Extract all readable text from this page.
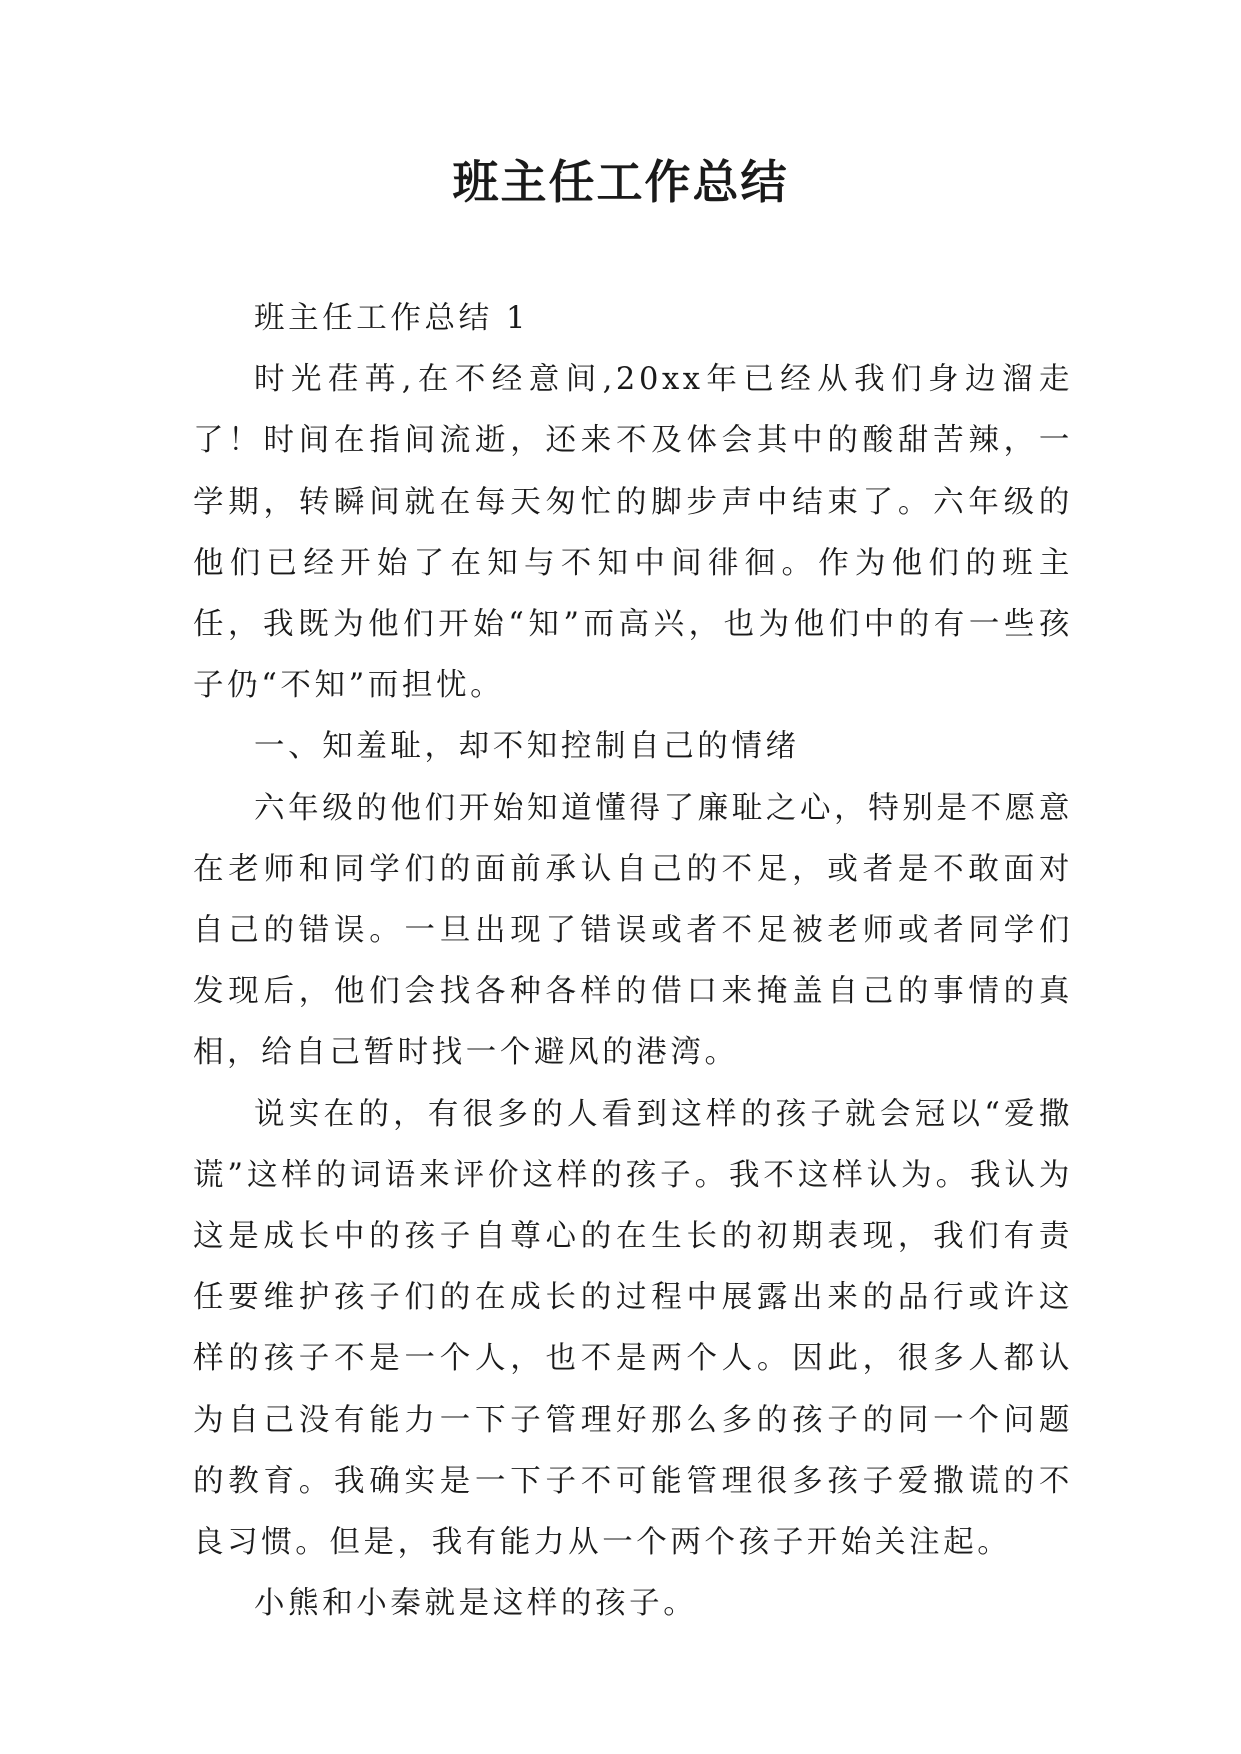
班主任工作总结

班主任工作总结 1

时光荏苒,在不经意间,20xx年已经从我们身边溜走了！时间在指间流逝，还来不及体会其中的酸甜苦辣，一学期，转瞬间就在每天匆忙的脚步声中结束了。六年级的他们已经开始了在知与不知中间徘徊。作为他们的班主任，我既为他们开始“知”而高兴，也为他们中的有一些孩子仍“不知”而担忧。

一、知羞耻，却不知控制自己的情绪

六年级的他们开始知道懂得了廉耻之心，特别是不愿意在老师和同学们的面前承认自己的不足，或者是不敢面对自己的错误。一旦出现了错误或者不足被老师或者同学们发现后，他们会找各种各样的借口来掩盖自己的事情的真相，给自己暂时找一个避风的港湾。

说实在的，有很多的人看到这样的孩子就会冠以“爱撒谎”这样的词语来评价这样的孩子。我不这样认为。我认为这是成长中的孩子自尊心的在生长的初期表现，我们有责任要维护孩子们的在成长的过程中展露出来的品行或许这样的孩子不是一个人，也不是两个人。因此，很多人都认为自己没有能力一下子管理好那么多的孩子的同一个问题的教育。我确实是一下子不可能管理很多孩子爱撒谎的不良习惯。但是，我有能力从一个两个孩子开始关注起。

小熊和小秦就是这样的孩子。
